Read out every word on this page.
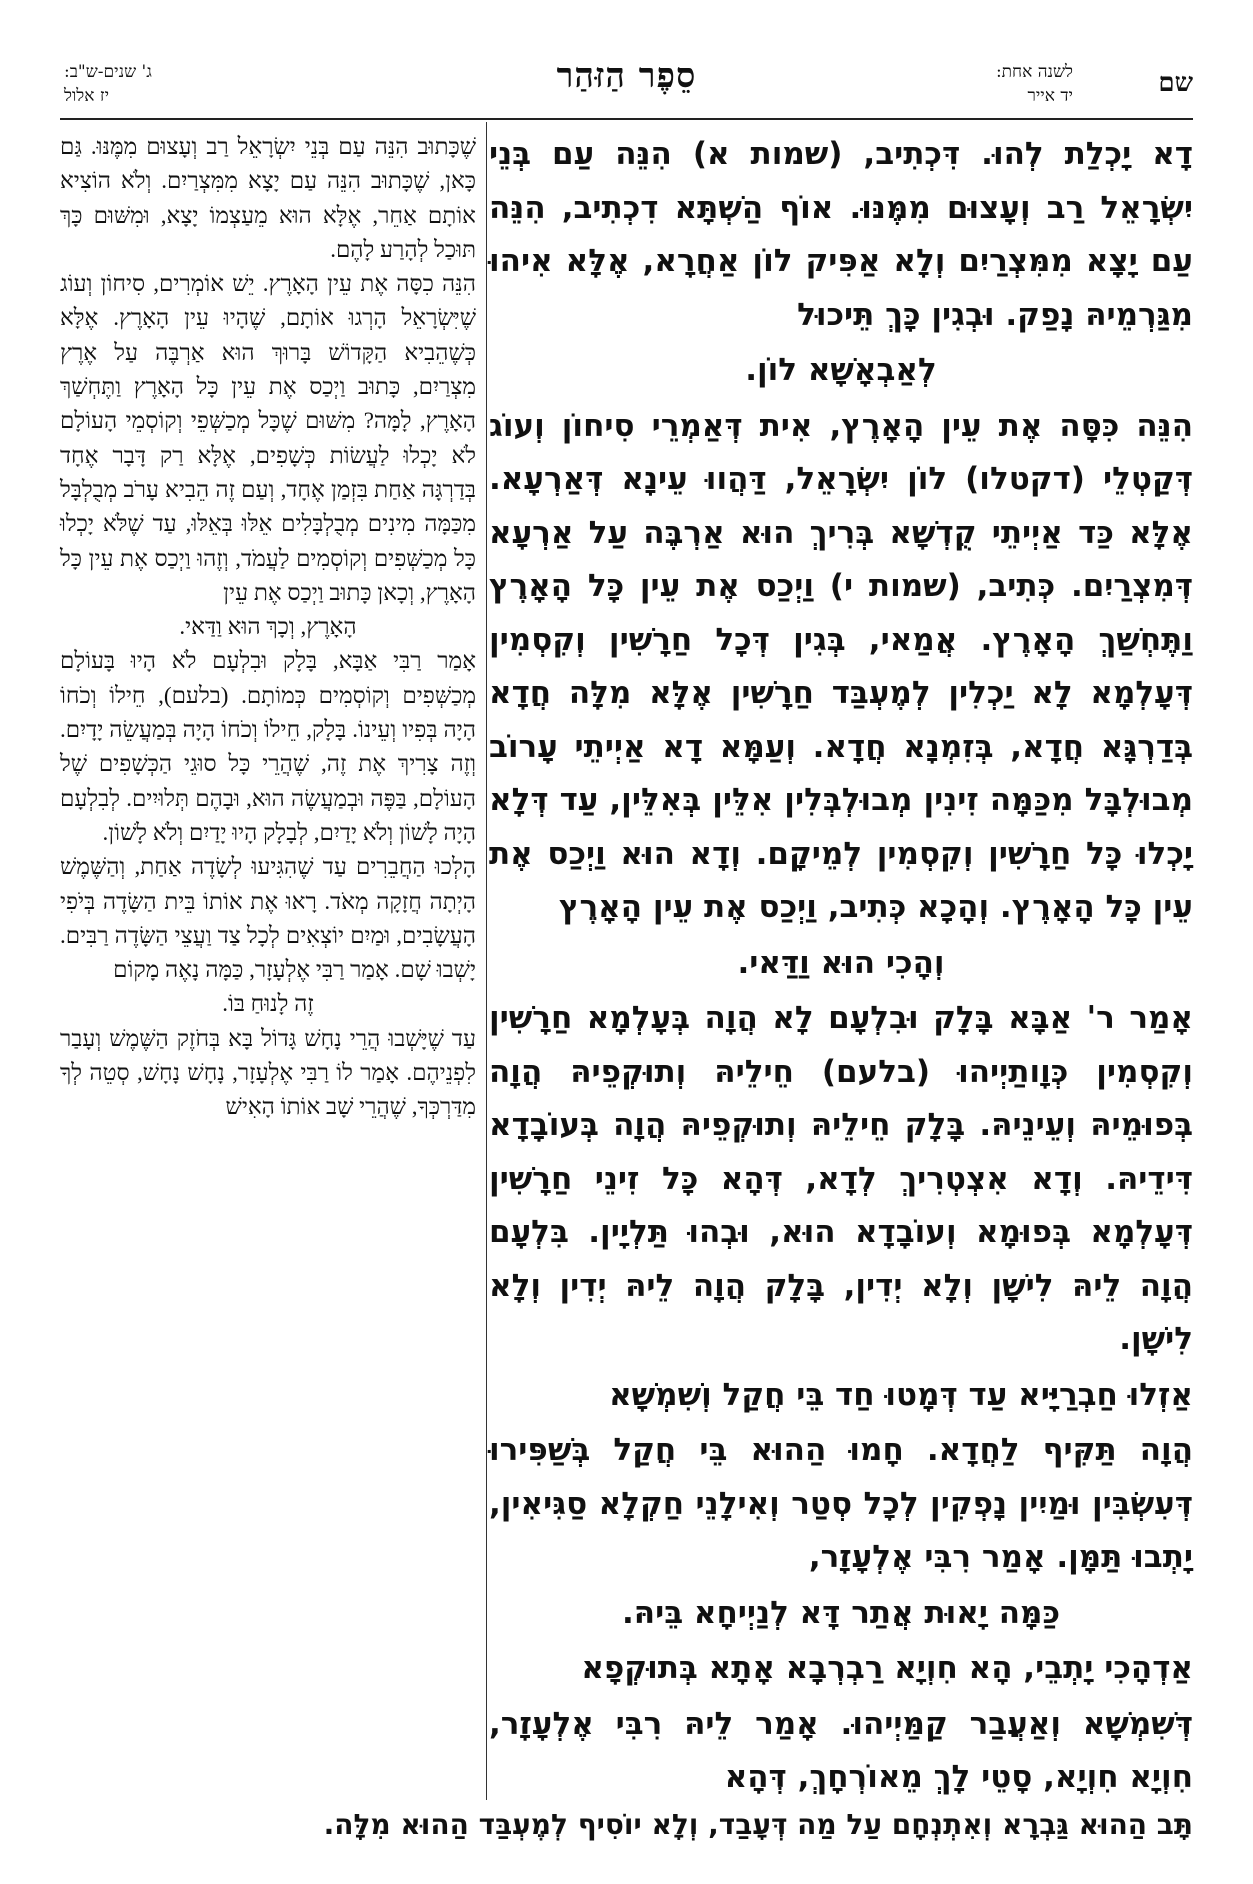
שם
לשנה אחת:
יד אייר
סֵפֶר הַזּהַר
ג' שנים-ש"ב:
יז אלול

דָא יָכְלַת לְהוּ. דִּכְתִיב, (שמות א) הִנֵּה עַם בְּנֵי יִשְׂרָאֵל רַב וְעָצוּם מִמֶּנּוּ. אוֹף הַשְׁתָּא דִכְתִיב, הִנֵּה עַם יָצָא מִמִּצְרַיִם וְלָא אַפִּיק לוֹן אַחֲרָא, אֶלָּא אִיהוּ מִגַּרְמֵיהּ נָפַק. וּבְגִין כָּךְ תֵּיכוּל

לְאַבְאָשָׁא לוֹן.

הִנֵּה כִּסָּה אֶת עֵין הָאָרֶץ, אִית דְּאַמְרֵי סִיחוֹן וְעוֹג דְּקַטְלֵי (דקטלו) לוֹן יִשְׂרָאֵל, דַּהֲווּ עֵינָא דְּאַרְעָא. אֶלָּא כַּד אַיְיתֵי קֻדְשָׁא בְּרִיךְ הוּא אַרְבֶּה עַל אַרְעָא דְּמִצְרַיִם. כְּתִיב, (שמות י) וַיְכַס אֶת עֵין כָּל הָאָרֶץ וַתֶּחְשַׁךְ הָאָרֶץ. אֲמַאי, בְּגִין דְּכָל חַרָשִׁין וְקִסְמִין דְּעָלְמָא לָא יַכְלִין לְמֶעְבַּד חַרָשִׁין אֶלָּא מִלָּה חֲדָא בְּדַרְגָּא חֲדָא, בְּזִמְנָא חֲדָא. וְעַמָּא דָא אַיְיתֵי עָרוֹב מְבוּלְבָּל מִכַּמָּה זִינִין מְבוּלְבְּלִין אִלֵּין בְּאִלֵּין, עַד דְּלָא יָכְלוּ כָּל חַרָשִׁין וְקִסְמִין לְמֵיקָם. וְדָא הוּא וַיְכַס אֶת עֵין כָּל הָאָרֶץ. וְהָכָא כְּתִיב, וַיְכַס אֶת עֵין הָאָרֶץ

וְהָכִי הוּא וַדַּאי.

אָמַר ר' אַבָּא בָּלָק וּבִלְעָם לָא הֲוָה בְּעָלְמָא חַרָשִׁין וְקִסְמִין כְּוָותַיְיהוּ (בלעם) חֵילֵיהּ וְתוּקְפֵיהּ הֲוָה בְּפוּמֵיהּ וְעֵינֵיהּ. בָּלָק חֵילֵיהּ וְתוּקְפֵיהּ הֲוָה בְּעוֹבָדָא דִּידֵיהּ. וְדָא אִצְטְרִיךְ לְדָא, דְּהָא כָּל זִינֵי חַרָשִׁין דְּעָלְמָא בְּפוּמָא וְעוֹבָדָא הוּא, וּבְהוּ תַּלְיָין. בִּלְעָם הֲוָה לֵיהּ לִישָׁן וְלָא יְדִין, בָּלָק הֲוָה לֵיהּ יְדִין וְלָא לִישָׁן.

אַזְלוּ חַבְרַיָּיא עַד דְּמָטוּ חַד בֵּי חֲקַל וְשִׁמְשָׁא

הֲוָה תַּקִּיף לַחֲדָא. חָמוּ הַהוּא בֵּי חֲקַל בְּשַׁפִּירוּ דְּעִשְׂבִּין וּמַיִין נָפְקִין לְכָל סְטַר וְאִילָנֵי חַקְלָא סַגִּיאִין, יָתְבוּ תַּמָּן. אָמַר רִבִּי אֶלְעָזָר,

כַּמָּה יָאוּת אֲתַר דָּא לְנַיְיחָא בֵּיהּ.

אַדְהָכִי יָתְבֵי, הָא חִוְיָא רַבְרְבָא אָתָא בְּתוּקְפָא

דְּשִׁמְשָׁא וְאַעֲבַר קַמַּיְיהוּ. אָמַר לֵיהּ רִבִּי אֶלְעָזָר, חִוְיָא חִוְיָא, סָטֵי לָךְ מֵאוֹרְחָךְ, דְּהָא

שֶׁכָּתוּב הִנֵּה עַם בְּנֵי יִשְׂרָאֵל רַב וְעָצוּם מִמֶּנּוּ. גַּם כָּאן, שֶׁכָּתוּב הִנֵּה עַם יָצָא מִמִּצְרַיִם. וְלֹא הוֹצִיא אוֹתָם אַחֵר, אֶלָּא הוּא מֵעַצְמוֹ יָצָא, וּמִשּׁוּם כָּךְ תּוּכַל לְהָרַע לָהֶם.

הִנֵּה כִסָּה אֶת עֵין הָאָרֶץ. יֵשׁ אוֹמְרִים, סִיחוֹן וְעוֹג שֶׁיִּשְׂרָאֵל הָרְגוּ אוֹתָם, שֶׁהָיוּ עֵין הָאָרֶץ. אֶלָּא כְּשֶׁהֵבִיא הַקָּדוֹשׁ בָּרוּךְ הוּא אַרְבֶּה עַל אֶרֶץ מִצְרַיִם, כָּתוּב וַיְכַס אֶת עֵין כָּל הָאָרֶץ וַתֶּחְשַׁךְ הָאָרֶץ, לָמָּה? מִשּׁוּם שֶׁכָּל מְכַשְּׁפֵי וְקוֹסְמֵי הָעוֹלָם לֹא יָכְלוּ לַעֲשׂוֹת כְּשָׁפִים, אֶלָּא רַק דָּבָר אֶחָד בְּדַרְגָּה אַחַת בִּזְמַן אֶחָד, וְעַם זֶה הֵבִיא עָרֹב מְבֻלְבָּל מִכַּמָּה מִינִים מְבֻלְבָּלִים אֵלּוּ בְּאֵלּוּ, עַד שֶׁלֹּא יָכְלוּ כָּל מְכַשְּׁפִים וְקוֹסְמִים לַעֲמֹד, וְזֶהוּ וַיְכַס אֶת עֵין כָּל הָאָרֶץ, וְכָאן כָּתוּב וַיְכַס אֶת עֵין

הָאָרֶץ, וְכָךְ הוּא וַדַּאי.

אָמַר רַבִּי אַבָּא, בָּלָק וּבִלְעָם לֹא הָיוּ בָּעוֹלָם מְכַשְּׁפִים וְקוֹסְמִים כְּמוֹתָם. (בלעם), חֵילוֹ וְכֹחוֹ הָיָה בְּפִיו וְעֵינוֹ. בָּלָק, חֵילוֹ וְכֹחוֹ הָיָה בְּמַעֲשֵׂה יָדָיִם. וְזֶה צָרִיךְ אֶת זֶה, שֶׁהֲרֵי כָּל סוּגֵי הַכְּשָׁפִים שֶׁל הָעוֹלָם, בַּפֶּה וּבְמַעֲשֶׂה הוּא, וּבָהֶם תְּלוּיִים. לְבִלְעָם הָיָה לָשׁוֹן וְלֹא יָדַיִם, לְבָלָק הָיוּ יָדַיִם וְלֹא לָשׁוֹן.

הָלְכוּ הַחֲבֵרִים עַד שֶׁהִגִּיעוּ לְשָׂדֶה אַחַת, וְהַשֶּׁמֶשׁ הָיְתָה חֲזָקָה מְאֹד. רָאוּ אֶת אוֹתוֹ בֵּית הַשָּׂדֶה בְּיֹפִי הָעֲשָׂבִים, וּמַיִם יוֹצְאִים לְכָל צַד וַעֲצֵי הַשָּׂדֶה רַבִּים. יָשְׁבוּ שָׁם. אָמַר רַבִּי אֶלְעָזָר, כַּמָּה נָאֶה מָקוֹם

זֶה לָנוּחַ בּוֹ.

עַד שֶׁיָּשְׁבוּ הֲרֵי נָחָשׁ גָּדוֹל בָּא בְּחֹזֶק הַשֶּׁמֶשׁ וְעָבַר לִפְנֵיהֶם. אָמַר לוֹ רַבִּי אֶלְעָזָר, נָחָשׁ נָחָשׁ, סְטֵה לְךָ מִדַּרְכְּךָ, שֶׁהֲרֵי שָׁב אוֹתוֹ הָאִישׁ

תָּב הַהוּא גַּבְרָא וְאִתְנְחָם עַל מַה דְּעָבַד, וְלָא יוֹסִיף לְמֶעְבַּד הַהוּא מִלָּה.
